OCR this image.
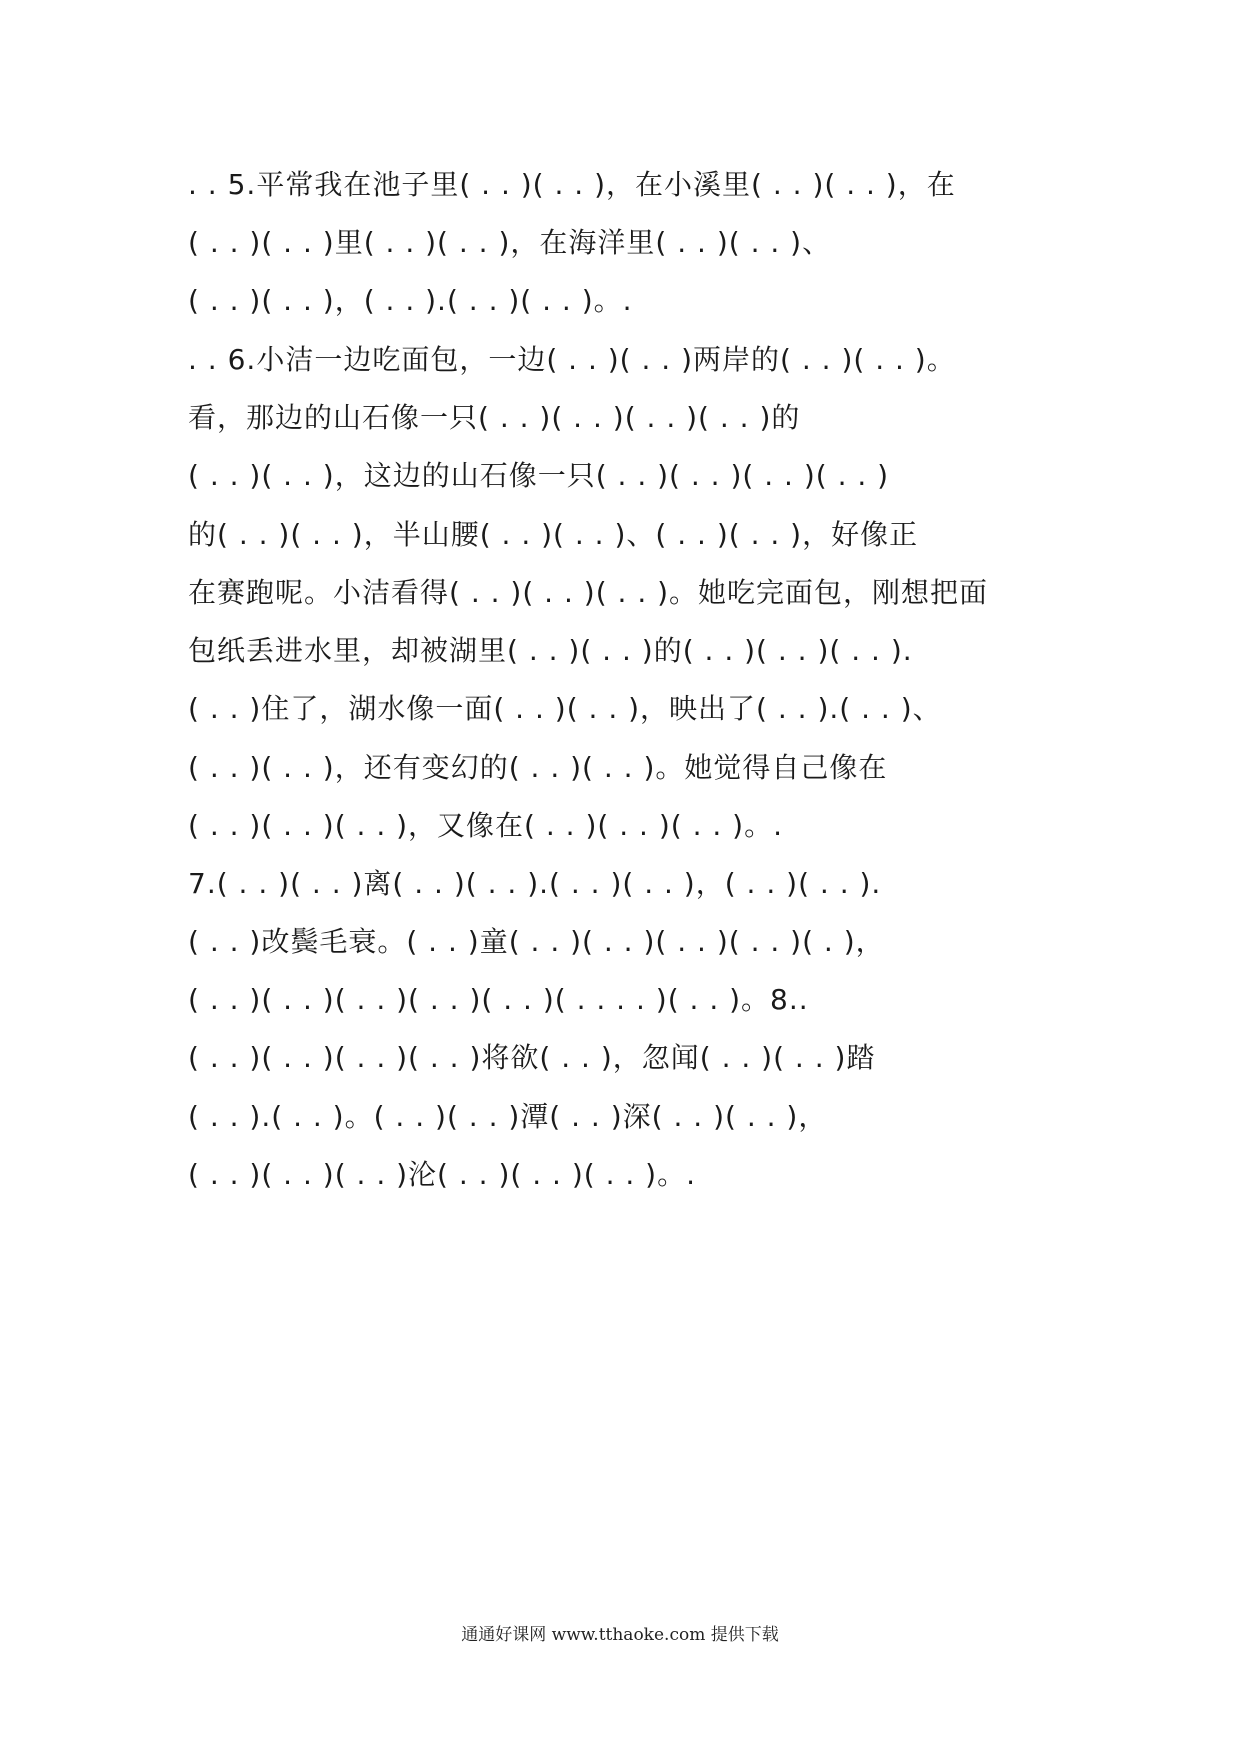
. . 5.平常我在池子里( . . )( . . )，在小溪里( . . )( . . )，在
( . . )( . . )里( . . )( . . )，在海洋里( . . )( . . )、
( . . )( . . )，( . . ).( . . )( . . )。.
. . 6.小洁一边吃面包，一边( . . )( . . )两岸的( . . )( . . )。
看，那边的山石像一只( . . )( . . )( . . )( . . )的
( . . )( . . )，这边的山石像一只( . . )( . . )( . . )( . . )
的( . . )( . . )，半山腰( . . )( . . )、( . . )( . . )，好像正
在赛跑呢。小洁看得( . . )( . . )( . . )。她吃完面包，刚想把面
包纸丢进水里，却被湖里( . . )( . . )的( . . )( . . )( . . ).
( . . )住了，湖水像一面( . . )( . . )，映出了( . . ).( . . )、
( . . )( . . )，还有变幻的( . . )( . . )。她觉得自己像在
( . . )( . . )( . . )，又像在( . . )( . . )( . . )。.
7.( . . )( . . )离( . . )( . . ).( . . )( . . )，( . . )( . . ).
( . . )改鬓毛衰。( . . )童( . . )( . . )( . . )( . . )( . )，
( . . )( . . )( . . )( . . )( . . )( . . . . )( . . )。8..
( . . )( . . )( . . )( . . )将欲( . . )，忽闻( . . )( . . )踏
( . . ).( . . )。( . . )( . . )潭( . . )深( . . )( . . )，
( . . )( . . )( . . )沦( . . )( . . )( . . )。.
通通好课网 www.tthaoke.com 提供下载
